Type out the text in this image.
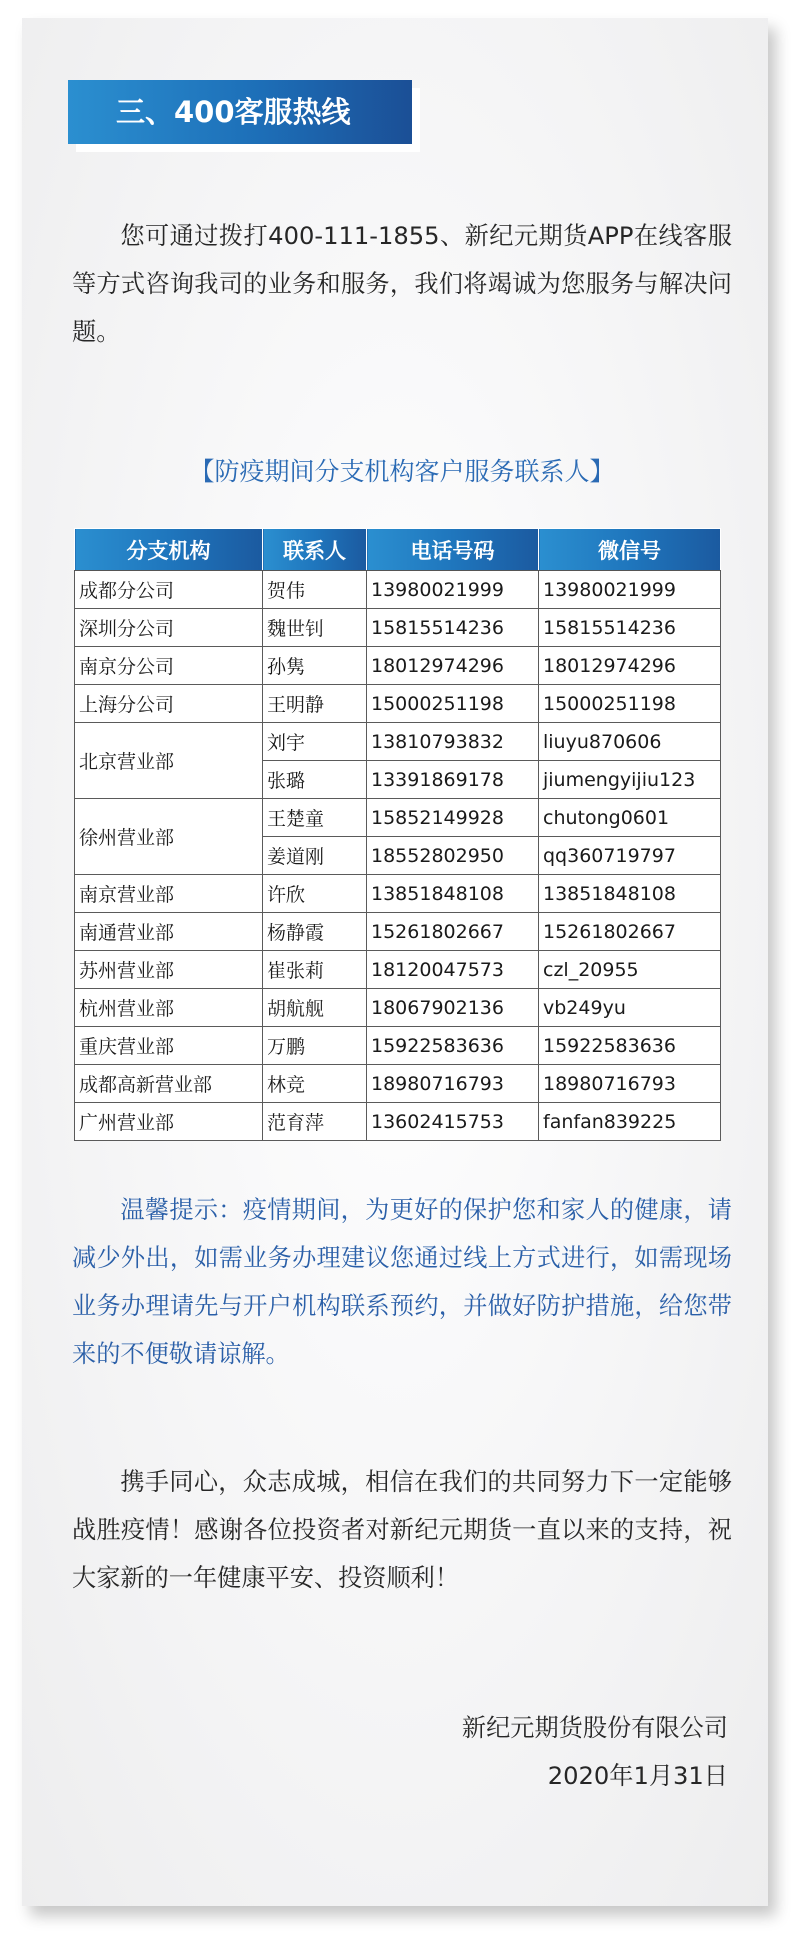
三、400客服热线

您可通过拨打400-111-1855、新纪元期货APP在线客服等方式咨询我司的业务和服务，我们将竭诚为您服务与解决问题。

【防疫期间分支机构客户服务联系人】
分支机构	联系人	电话号码	微信号
成都分公司	贺伟	13980021999	13980021999
深圳分公司	魏世钊	15815514236	15815514236
南京分公司	孙隽	18012974296	18012974296
上海分公司	王明静	15000251198	15000251198
北京营业部	刘宇	13810793832	liuyu870606
	张璐	13391869178	jiumengyijiu123
徐州营业部	王楚童	15852149928	chutong0601
	姜道刚	18552802950	qq360719797
南京营业部	许欣	13851848108	13851848108
南通营业部	杨静霞	15261802667	15261802667
苏州营业部	崔张莉	18120047573	czl_20955
杭州营业部	胡航舰	18067902136	vb249yu
重庆营业部	万鹏	15922583636	15922583636
成都高新营业部	林竞	18980716793	18980716793
广州营业部	范育萍	13602415753	fanfan839225

温馨提示：疫情期间，为更好的保护您和家人的健康，请减少外出，如需业务办理建议您通过线上方式进行，如需现场业务办理请先与开户机构联系预约，并做好防护措施，给您带来的不便敬请谅解。

携手同心，众志成城，相信在我们的共同努力下一定能够战胜疫情！感谢各位投资者对新纪元期货一直以来的支持，祝大家新的一年健康平安、投资顺利！

新纪元期货股份有限公司
2020年1月31日
